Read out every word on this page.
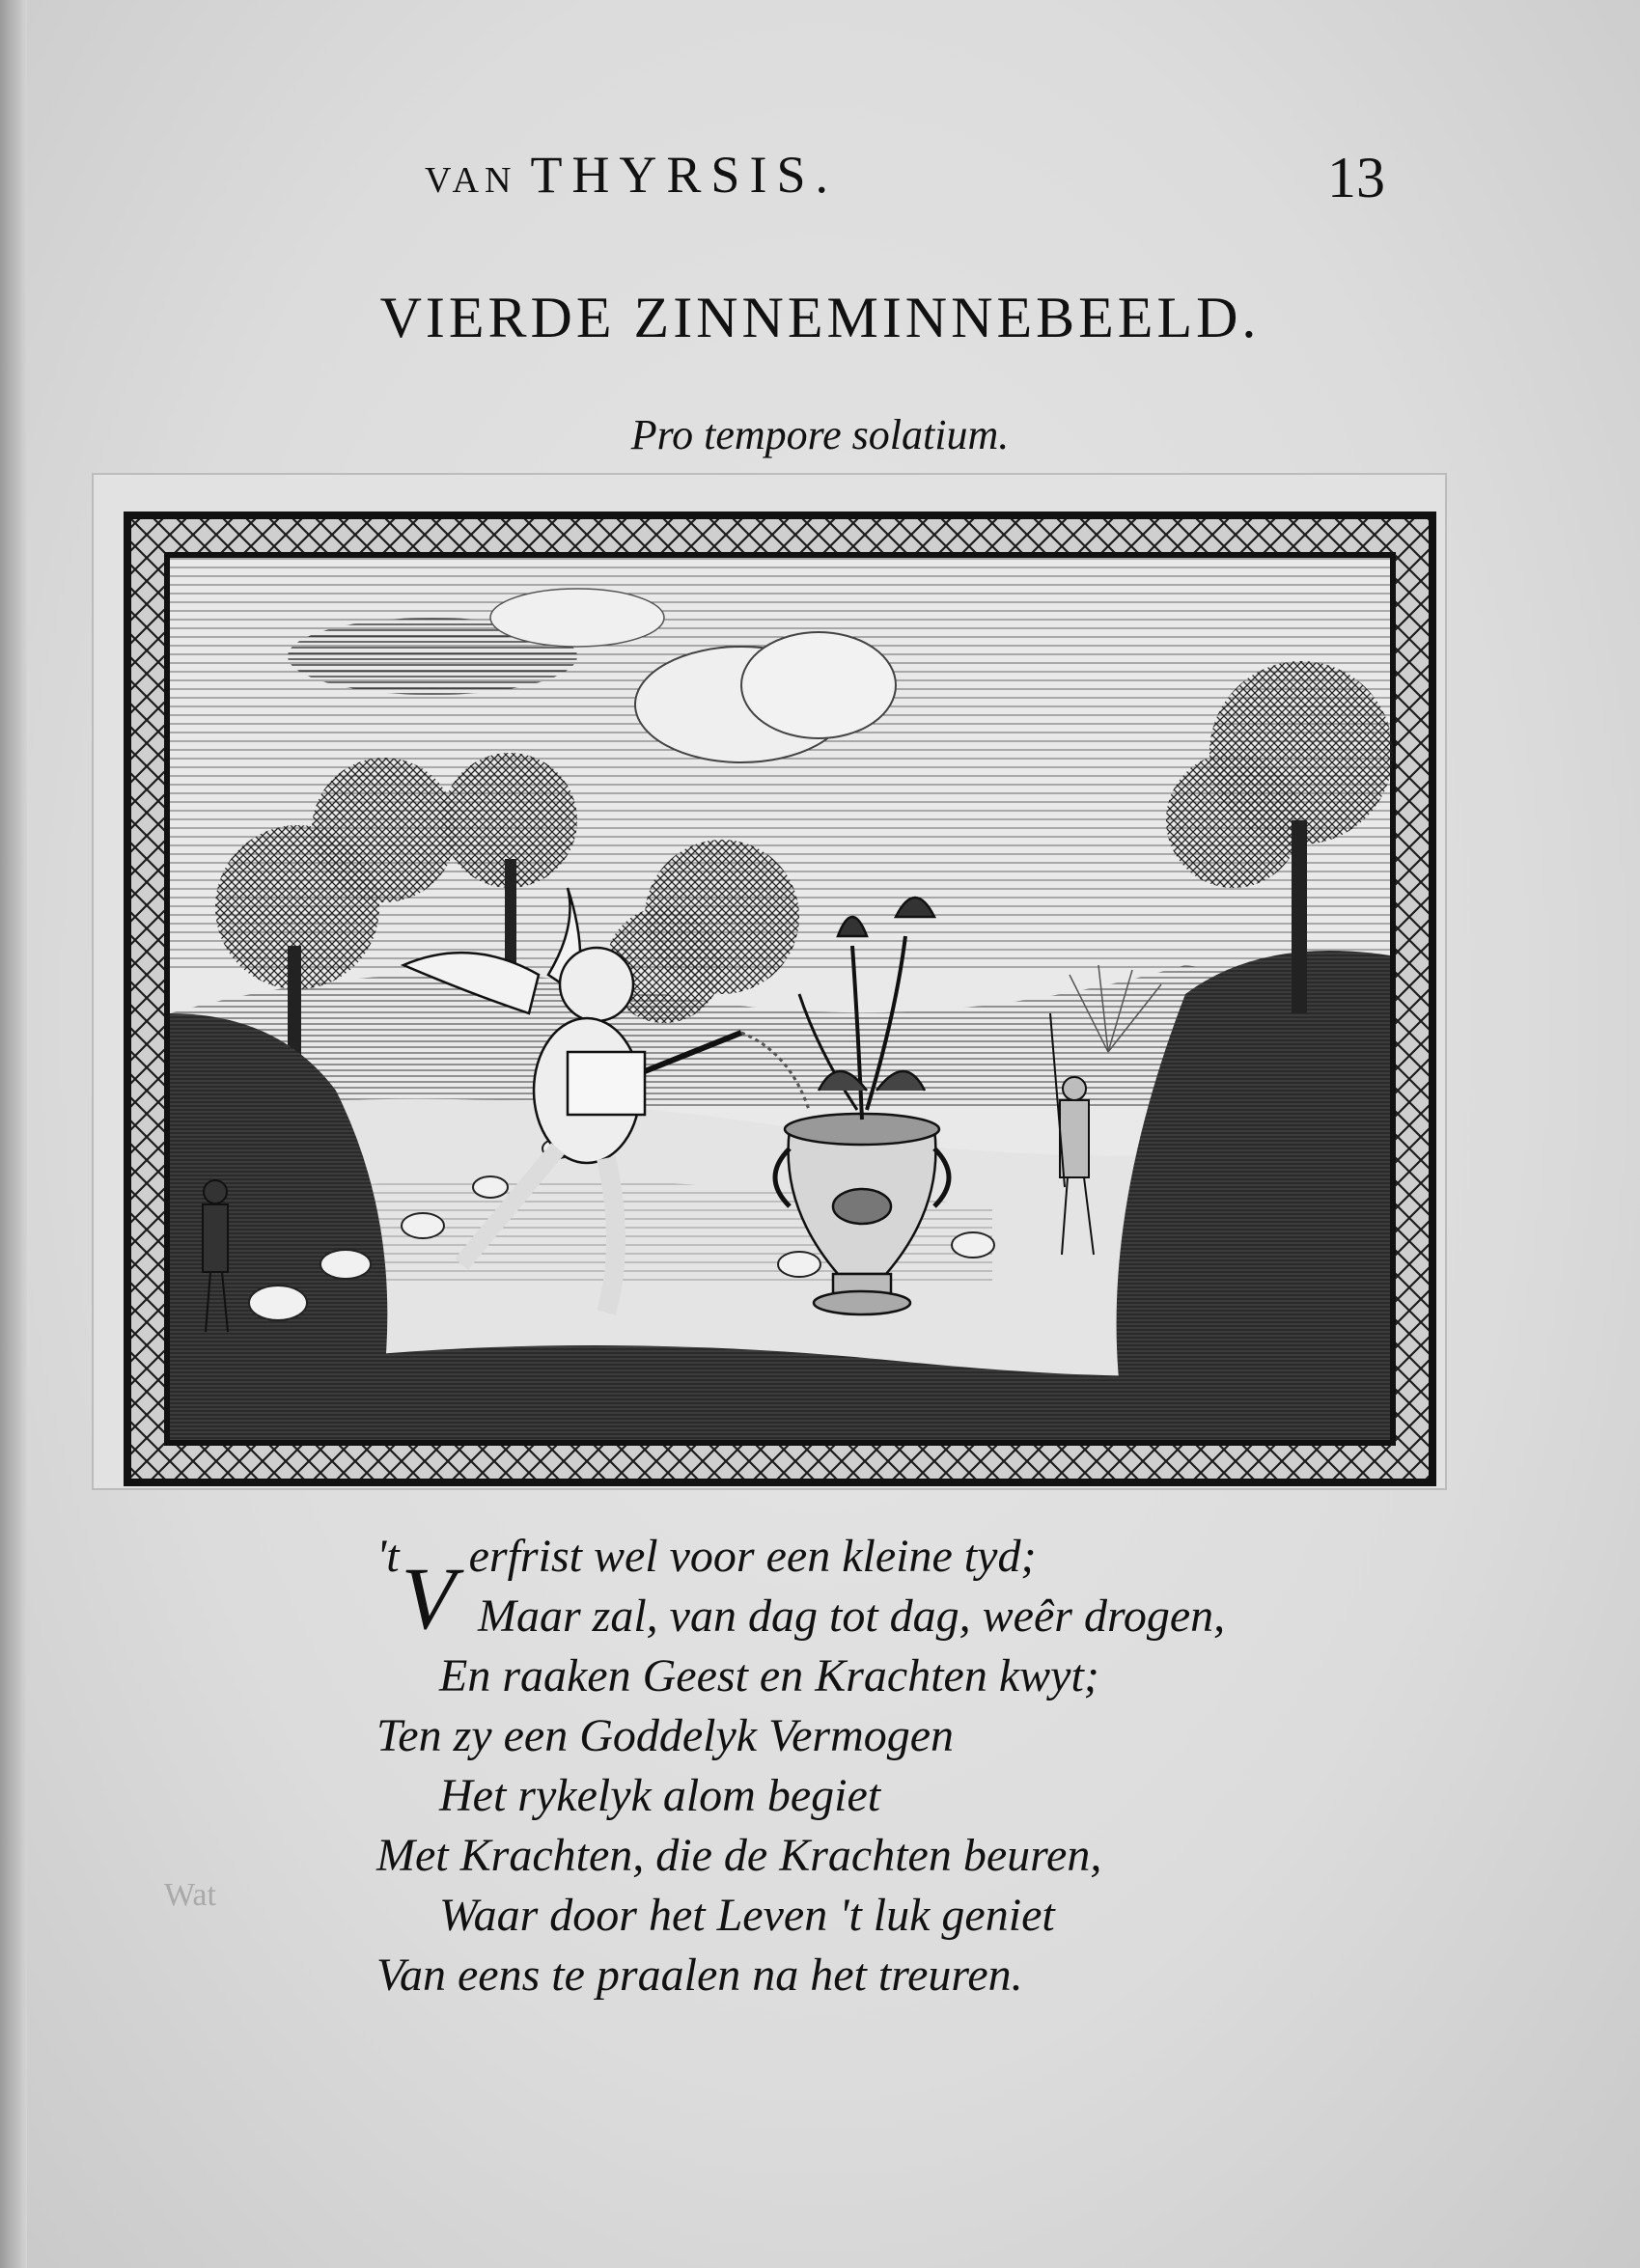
VAN THYRSIS.	13
VIERDE ZINNEMINNEBEELD.
Pro tempore solatium.
't
V erfrist wel voor een kleine tyd;
Maar zal, van dag tot dag, weêr drogen,
En raaken Geest en Krachten kwyt;
Ten zy een Goddelyk Vermogen
Het rykelyk alom begiet
Met Krachten, die de Krachten beuren,
Waar door het Leven 't luk geniet
Van eens te praalen na het treuren.
Wat
